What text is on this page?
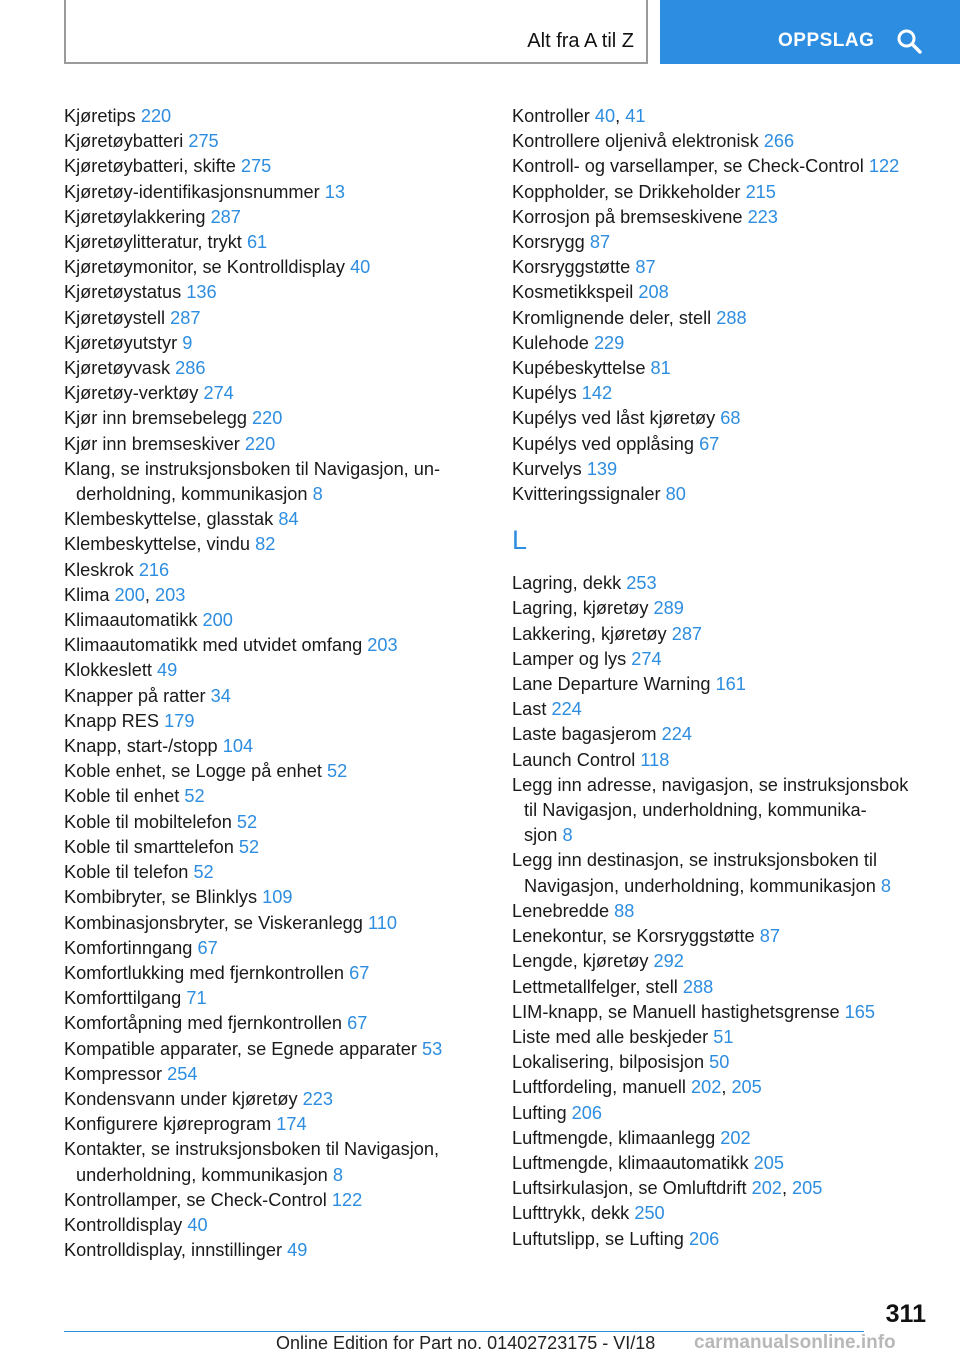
Alt fra A til Z	OPPSLAG
Kjøretips 220
Kjøretøybatteri 275
Kjøretøybatteri, skifte 275
Kjøretøy-identifikasjonsnummer 13
Kjøretøylakkering 287
Kjøretøylitteratur, trykt 61
Kjøretøymonitor, se Kontrolldisplay 40
Kjøretøystatus 136
Kjøretøystell 287
Kjøretøyutstyr 9
Kjøretøyvask 286
Kjøretøy-verktøy 274
Kjør inn bremsebelegg 220
Kjør inn bremseskiver 220
Klang, se instruksjonsboken til Navigasjon, un-
derholdning, kommunikasjon 8
Klembeskyttelse, glasstak 84
Klembeskyttelse, vindu 82
Kleskrok 216
Klima 200, 203
Klimaautomatikk 200
Klimaautomatikk med utvidet omfang 203
Klokkeslett 49
Knapper på ratter 34
Knapp RES 179
Knapp, start-/stopp 104
Koble enhet, se Logge på enhet 52
Koble til enhet 52
Koble til mobiltelefon 52
Koble til smarttelefon 52
Koble til telefon 52
Kombibryter, se Blinklys 109
Kombinasjonsbryter, se Viskeranlegg 110
Komfortinngang 67
Komfortlukking med fjernkontrollen 67
Komforttilgang 71
Komfortåpning med fjernkontrollen 67
Kompatible apparater, se Egnede apparater 53
Kompressor 254
Kondensvann under kjøretøy 223
Konfigurere kjøreprogram 174
Kontakter, se instruksjonsboken til Navigasjon,
underholdning, kommunikasjon 8
Kontrollamper, se Check-Control 122
Kontrolldisplay 40
Kontrolldisplay, innstillinger 49
Kontroller 40, 41
Kontrollere oljenivå elektronisk 266
Kontroll- og varsellamper, se Check-Control 122
Koppholder, se Drikkeholder 215
Korrosjon på bremseskivene 223
Korsrygg 87
Korsryggstøtte 87
Kosmetikkspeil 208
Kromlignende deler, stell 288
Kulehode 229
Kupébeskyttelse 81
Kupélys 142
Kupélys ved låst kjøretøy 68
Kupélys ved opplåsing 67
Kurvelys 139
Kvitteringssignaler 80
L
Lagring, dekk 253
Lagring, kjøretøy 289
Lakkering, kjøretøy 287
Lamper og lys 274
Lane Departure Warning 161
Last 224
Laste bagasjerom 224
Launch Control 118
Legg inn adresse, navigasjon, se instruksjonsbok
til Navigasjon, underholdning, kommunika-
sjon 8
Legg inn destinasjon, se instruksjonsboken til
Navigasjon, underholdning, kommunikasjon 8
Lenebredde 88
Lenekontur, se Korsryggstøtte 87
Lengde, kjøretøy 292
Lettmetallfelger, stell 288
LIM-knapp, se Manuell hastighetsgrense 165
Liste med alle beskjeder 51
Lokalisering, bilposisjon 50
Luftfordeling, manuell 202, 205
Lufting 206
Luftmengde, klimaanlegg 202
Luftmengde, klimaautomatikk 205
Luftsirkulasjon, se Omluftdrift 202, 205
Lufttrykk, dekk 250
Luftutslipp, se Lufting 206
311
Online Edition for Part no. 01402723175 - VI/18 carmanualsonline.info
